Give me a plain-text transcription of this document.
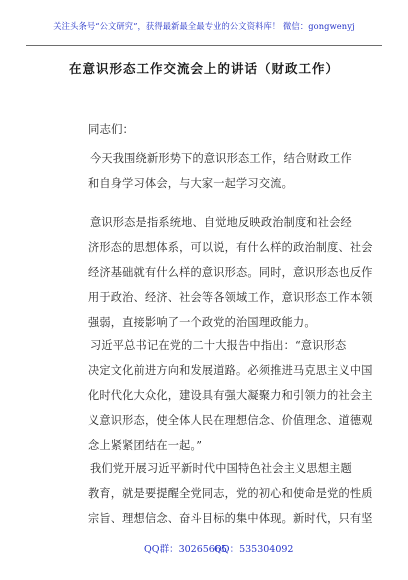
关注头条号“公文研究”，获得最新最全最专业的公文资料库！ 微信：gongwenyj
在意识形态工作交流会上的讲话（财政工作）
同志们：
今天我围绕新形势下的意识形态工作，结合财政工作
和自身学习体会，与大家一起学习交流。
意识形态是指系统地、自觉地反映政治制度和社会经
济形态的思想体系，可以说，有什么样的政治制度、社会
经济基础就有什么样的意识形态。同时，意识形态也反作
用于政治、经济、社会等各领域工作，意识形态工作本领
强弱，直接影响了一个政党的治国理政能力。
习近平总书记在党的二十大报告中指出：“意识形态
决定文化前进方向和发展道路。必须推进马克思主义中国
化时代化大众化，建设具有强大凝聚力和引领力的社会主
义意识形态，使全体人民在理想信念、价值理念、道德观
念上紧紧团结在一起。”
我们党开展习近平新时代中国特色社会主义思想主题
教育，就是要提醒全党同志，党的初心和使命是党的性质
宗旨、理想信念、奋斗目标的集中体现。新时代，只有坚
QQ群：30265665
QQ：535304092
